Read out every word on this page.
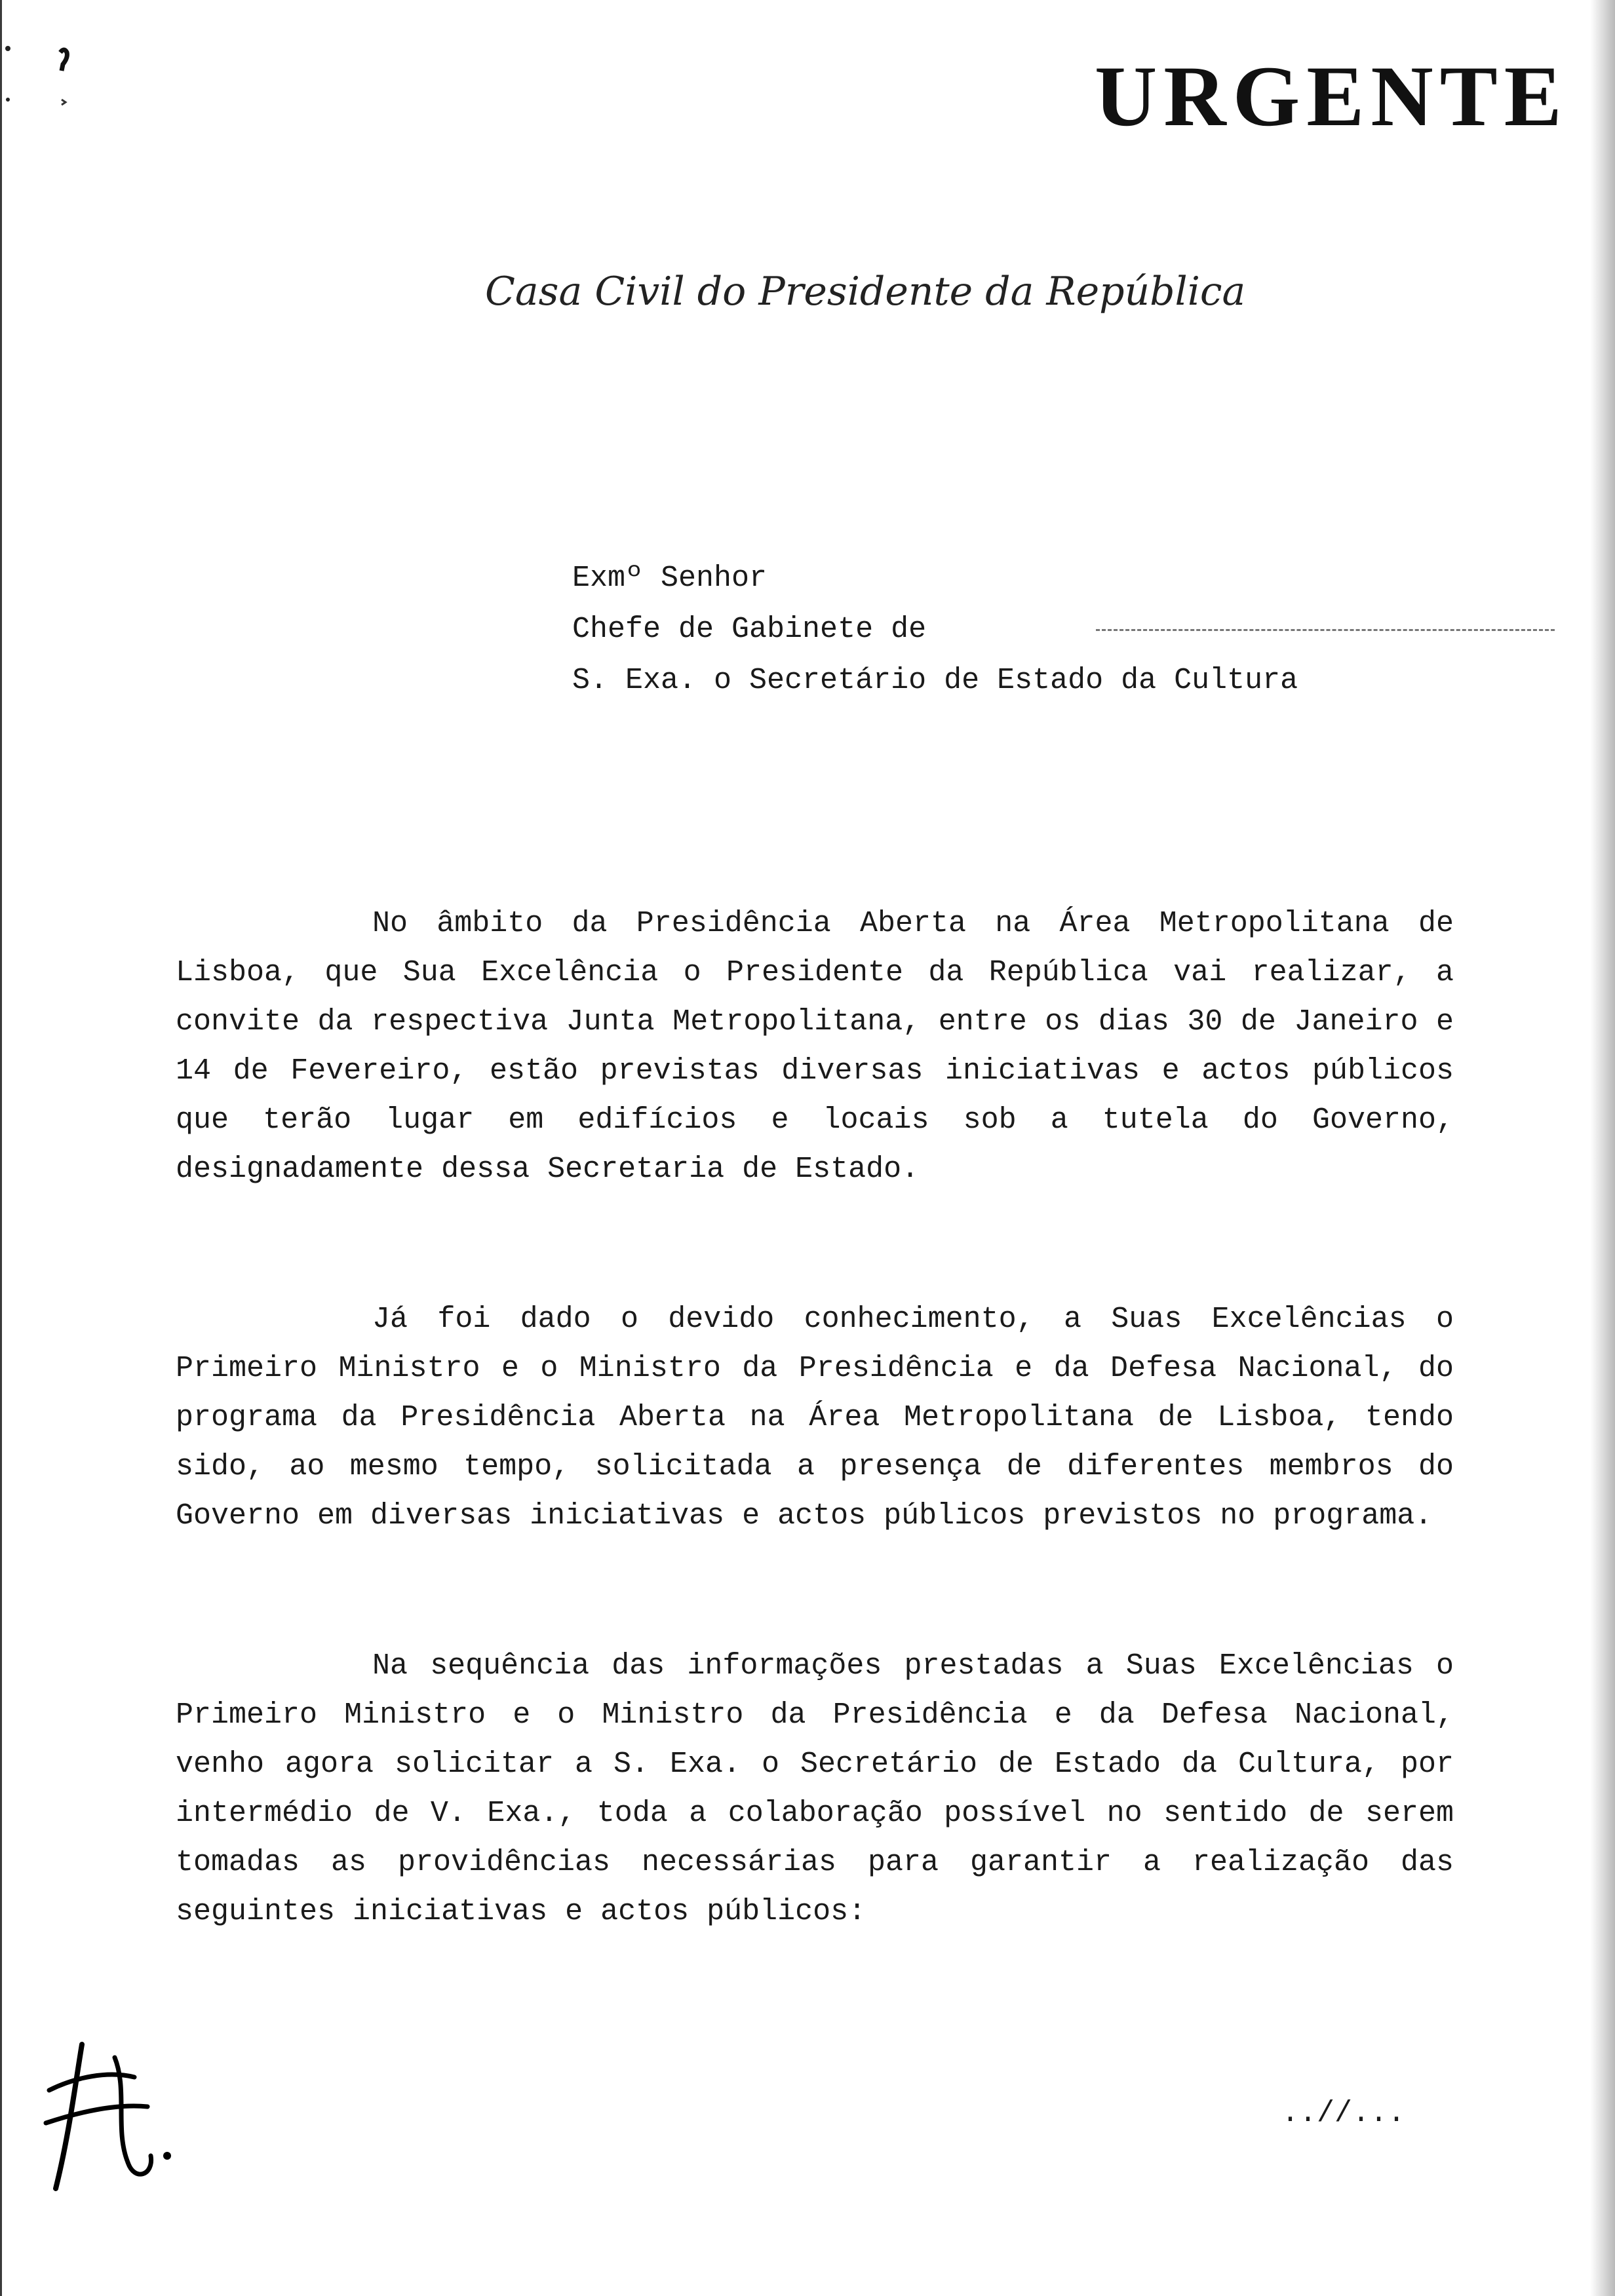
URGENTE
Casa Civil do Presidente da República
Exmº Senhor
Chefe de Gabinete de
S. Exa. o Secretário de Estado da Cultura

No âmbito da Presidência Aberta na Área Metropolitana de Lisboa, que Sua Excelência o Presidente da República vai realizar, a convite da respectiva Junta Metropolitana, entre os dias 30 de Janeiro e 14 de Fevereiro, estão previstas diversas iniciativas e actos públicos que terão lugar em edifícios e locais sob a tutela do Governo, designadamente dessa Secretaria de Estado.

Já foi dado o devido conhecimento, a Suas Excelências o Primeiro Ministro e o Ministro da Presidência e da Defesa Nacional, do programa da Presidência Aberta na Área Metropolitana de Lisboa, tendo sido, ao mesmo tempo, solicitada a presença de diferentes membros do Governo em diversas iniciativas e actos públicos previstos no programa.

Na sequência das informações prestadas a Suas Excelências o Primeiro Ministro e o Ministro da Presidência e da Defesa Nacional, venho agora solicitar a S. Exa. o Secretário de Estado da Cultura, por intermédio de V. Exa., toda a colaboração possível no sentido de serem tomadas as providências necessárias para garantir a realização das seguintes iniciativas e actos públicos:

..//...
